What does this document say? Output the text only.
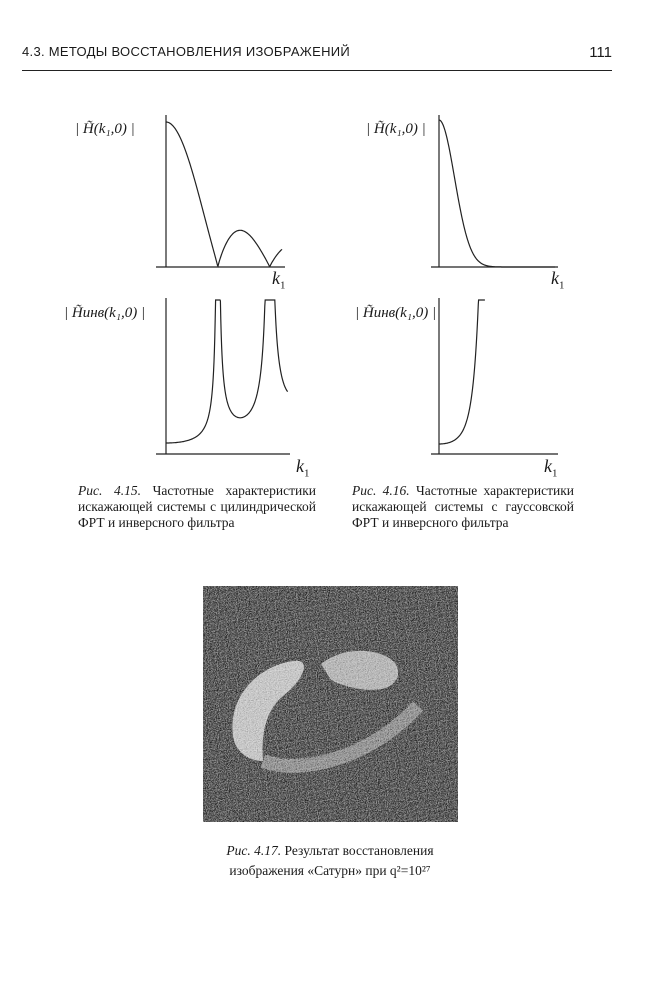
4.3. МЕТОДЫ ВОССТАНОВЛЕНИЯ ИЗОБРАЖЕНИЙ	111
| H̃(k₁,0) |
$k_1$
| H̃(k₁,0) |
$k_1$
| H̃инв(k₁,0) |
$k_1$
| H̃инв(k₁,0) |
$k_1$
Рис. 4.15. Частотные характеристики искажающей системы с цилиндрической ФРТ и инверсного фильтра
Рис. 4.16. Частотные характеристики искажающей системы с гауссовской ФРТ и инверсного фильтра
Рис. 4.17. Результат восстановления
изображения «Сатурн» при q²=10²⁷
